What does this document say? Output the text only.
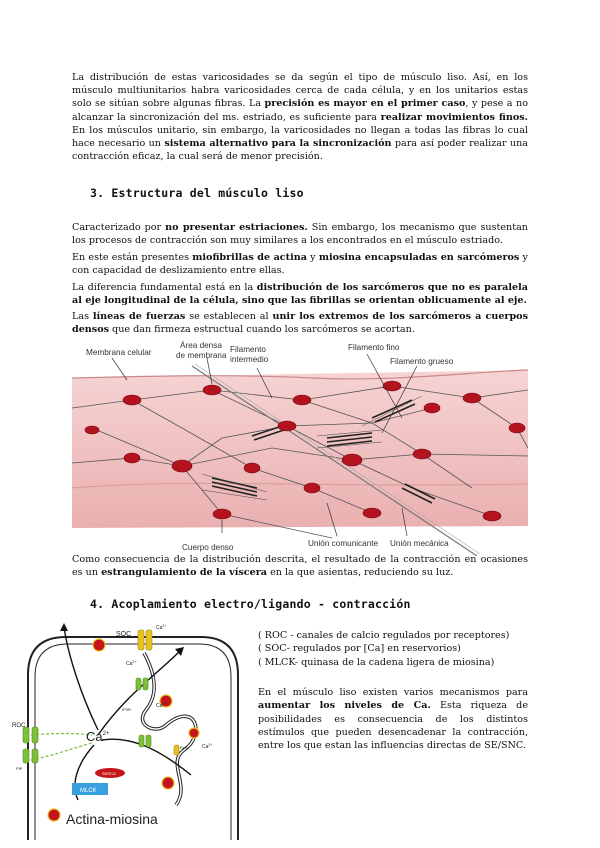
La distribución de estas varicosidades se da según el tipo de músculo liso. Así, en los músculo multiunitarios habra varicosidades cerca de cada célula, y en los unitarios estas solo se sitúan sobre algunas fibras. La precisión es mayor en el primer caso, y pese a no alcanzar la sincronización del ms. estriado, es suficiente para realizar movimientos finos. En los músculos unitario, sin embargo, la varicosidades no llegan a todas las fibras lo cual hace necesario un sistema alternativo para la sincronización para así poder realizar una contracción eficaz, la cual será de menor precisión.
3. Estructura del músculo liso
Caracterizado por no presentar estriaciones. Sin embargo, los mecanismo que sustentan los procesos de contracción son muy similares a los encontrados en el músculo estriado.
En este están presentes miofibrillas de actina y miosina encapsuladas en sarcómeros y con capacidad de deslizamiento entre ellas.
La diferencia fundamental está en la distribución de los sarcómeros que no es paralela al eje longitudinal de la célula, sino que las fibrillas se orientan oblicuamente al eje.
Las líneas de fuerzas se establecen al unir los extremos de los sarcómeros a cuerpos densos que dan firmeza estructual cuando los sarcómeros se acortan.
Membrana celular
Área densa
de membrana
Filamento
intermedio
Filamento fino
Filamento grueso
Cuerpo denso	Unión comunicante Unión mecánica
Como consecuencia de la distribución descrita, el resultado de la contracción en ocasiones es un estrangulamiento de la víscera en la que asientas, reduciendo su luz.
4. Acoplamiento electro/ligando - contracción
SERCA
MLCK
SOC
$Ca^{2+}$
$Ca^{2+}$
$Ca^{2+}$
$Ca^{2+}$
IP3R
RyR
ROC
PIP
$Ca^{2+}$
Actina-miosina

( ROC - canales de calcio regulados por receptores)

( SOC- regulados por [Ca] en reservorios)

( MLCK- quinasa de la cadena ligera de miosina)

En el músculo liso existen varios mecanismos para aumentar los niveles de Ca. Esta riqueza de posibilidades es consecuencia de los distintos estímulos que pueden desencadenar la contracción, entre los que estan las influencias directas de SE/SNC.
